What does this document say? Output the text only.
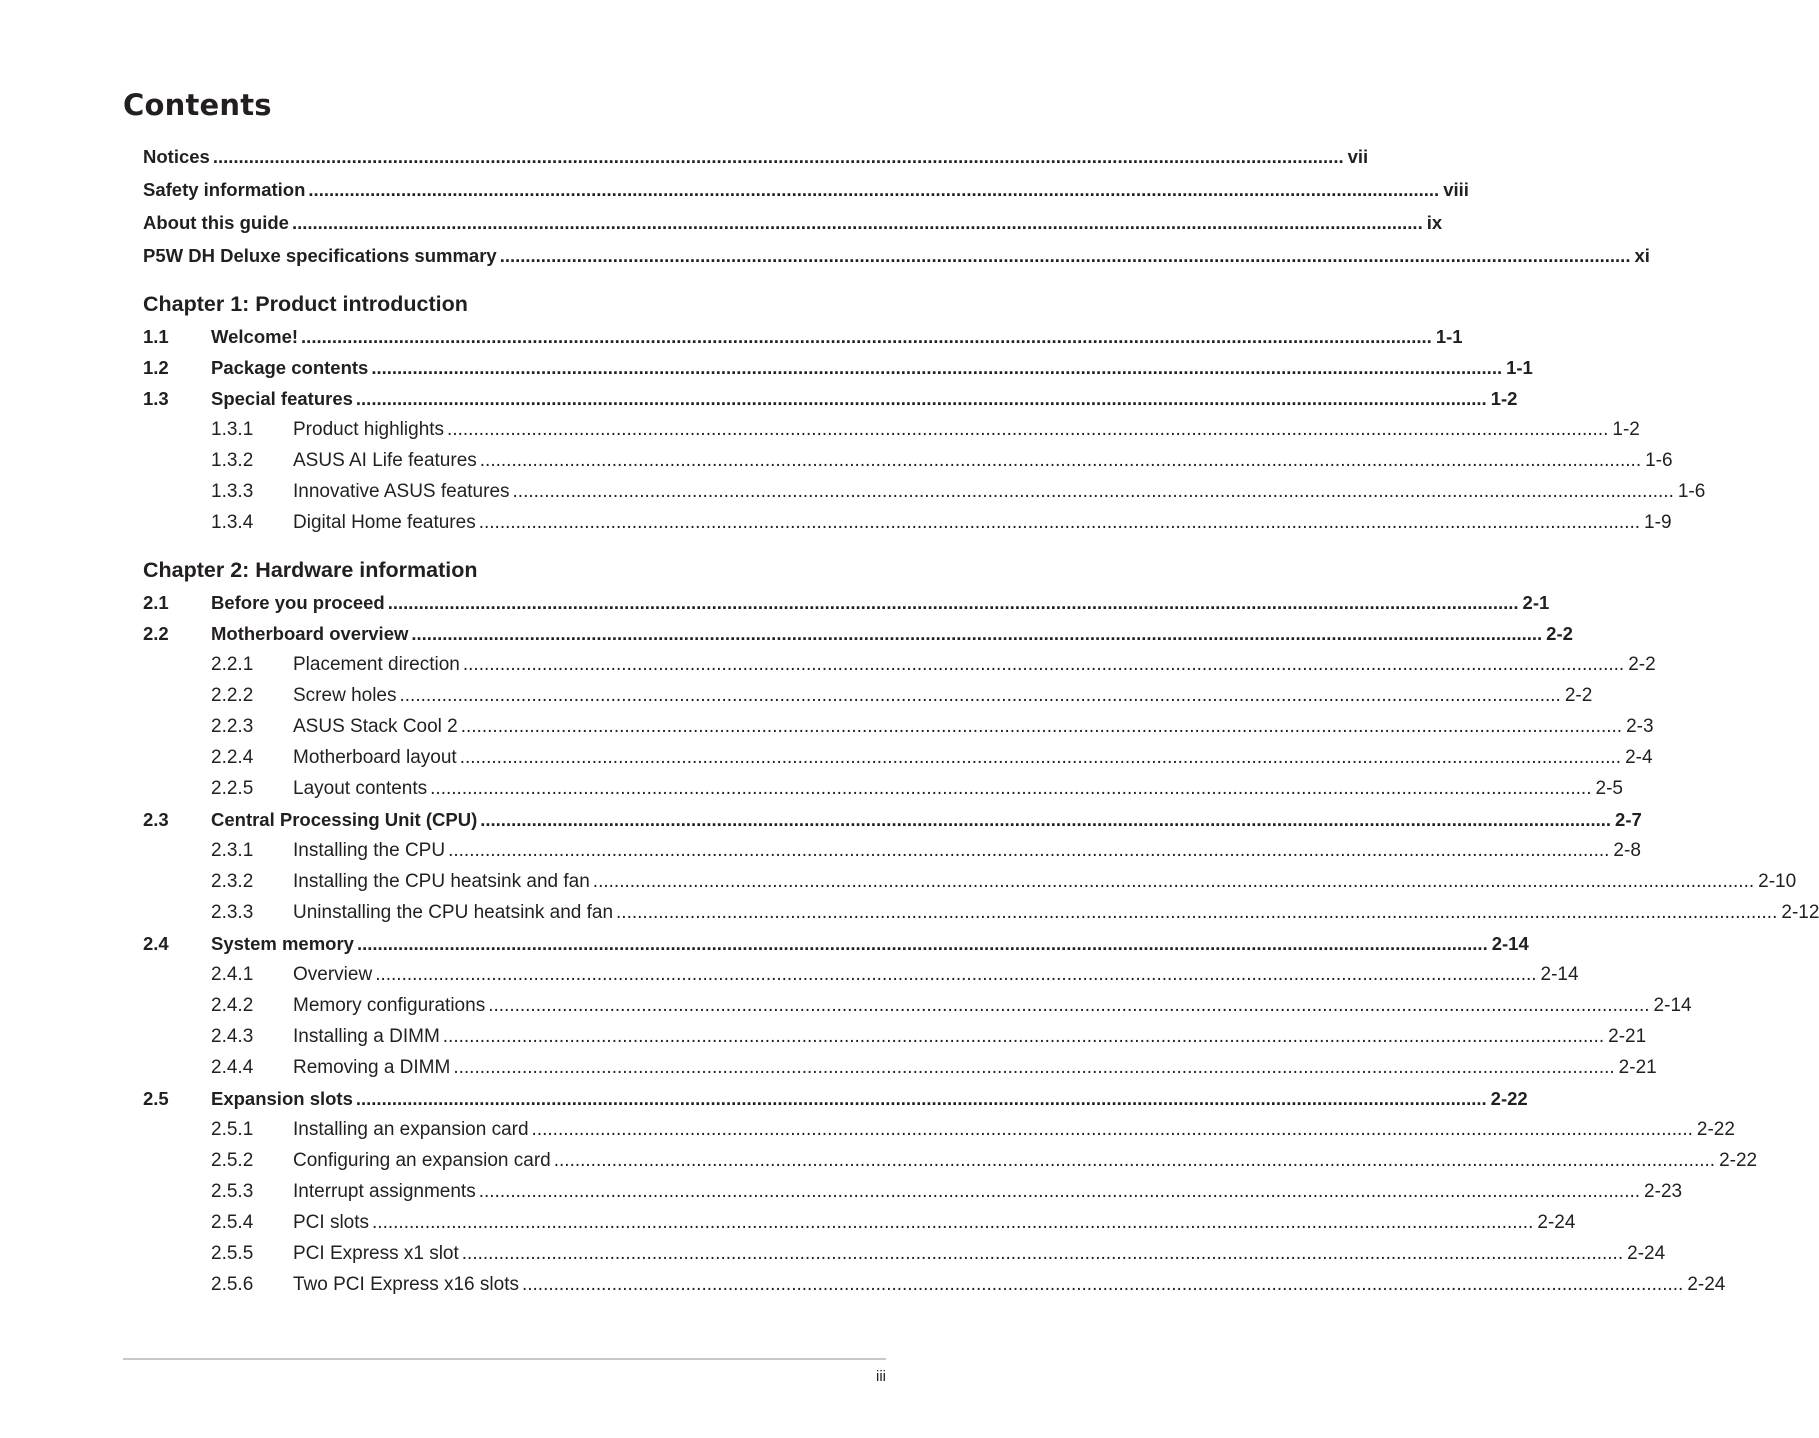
Contents
Notices ............................................................................................................................................................................................................................ vii
Safety information ............................................................................................................................................................................................................................ viii
About this guide ............................................................................................................................................................................................................................ ix
P5W DH Deluxe specifications summary ............................................................................................................................................................................................................................ xi
Chapter 1: Product introduction
1.1	Welcome! ............................................................................................................................................................................................................................ 1-1
1.2	Package contents ............................................................................................................................................................................................................................ 1-1
1.3	Special features ............................................................................................................................................................................................................................ 1-2
1.3.1	Product highlights ............................................................................................................................................................................................................................ 1-2
1.3.2	ASUS AI Life features ............................................................................................................................................................................................................................ 1-6
1.3.3	Innovative ASUS features ............................................................................................................................................................................................................................ 1-6
1.3.4	Digital Home features ............................................................................................................................................................................................................................ 1-9
Chapter 2: Hardware information
2.1	Before you proceed ............................................................................................................................................................................................................................ 2-1
2.2	Motherboard overview ............................................................................................................................................................................................................................ 2-2
2.2.1	Placement direction ............................................................................................................................................................................................................................ 2-2
2.2.2	Screw holes ............................................................................................................................................................................................................................ 2-2
2.2.3	ASUS Stack Cool 2 ............................................................................................................................................................................................................................ 2-3
2.2.4	Motherboard layout ............................................................................................................................................................................................................................ 2-4
2.2.5	Layout contents ............................................................................................................................................................................................................................ 2-5
2.3	Central Processing Unit (CPU) ............................................................................................................................................................................................................................ 2-7
2.3.1	Installing the CPU ............................................................................................................................................................................................................................ 2-8
2.3.2	Installing the CPU heatsink and fan ............................................................................................................................................................................................................................ 2-10
2.3.3	Uninstalling the CPU heatsink and fan ............................................................................................................................................................................................................................ 2-12
2.4	System memory ............................................................................................................................................................................................................................ 2-14
2.4.1	Overview ............................................................................................................................................................................................................................ 2-14
2.4.2	Memory configurations ............................................................................................................................................................................................................................ 2-14
2.4.3	Installing a DIMM ............................................................................................................................................................................................................................ 2-21
2.4.4	Removing a DIMM ............................................................................................................................................................................................................................ 2-21
2.5	Expansion slots ............................................................................................................................................................................................................................ 2-22
2.5.1	Installing an expansion card ............................................................................................................................................................................................................................ 2-22
2.5.2	Configuring an expansion card ............................................................................................................................................................................................................................ 2-22
2.5.3	Interrupt assignments ............................................................................................................................................................................................................................ 2-23
2.5.4	PCI slots ............................................................................................................................................................................................................................ 2-24
2.5.5	PCI Express x1 slot ............................................................................................................................................................................................................................ 2-24
2.5.6	Two PCI Express x16 slots ............................................................................................................................................................................................................................ 2-24
iii
